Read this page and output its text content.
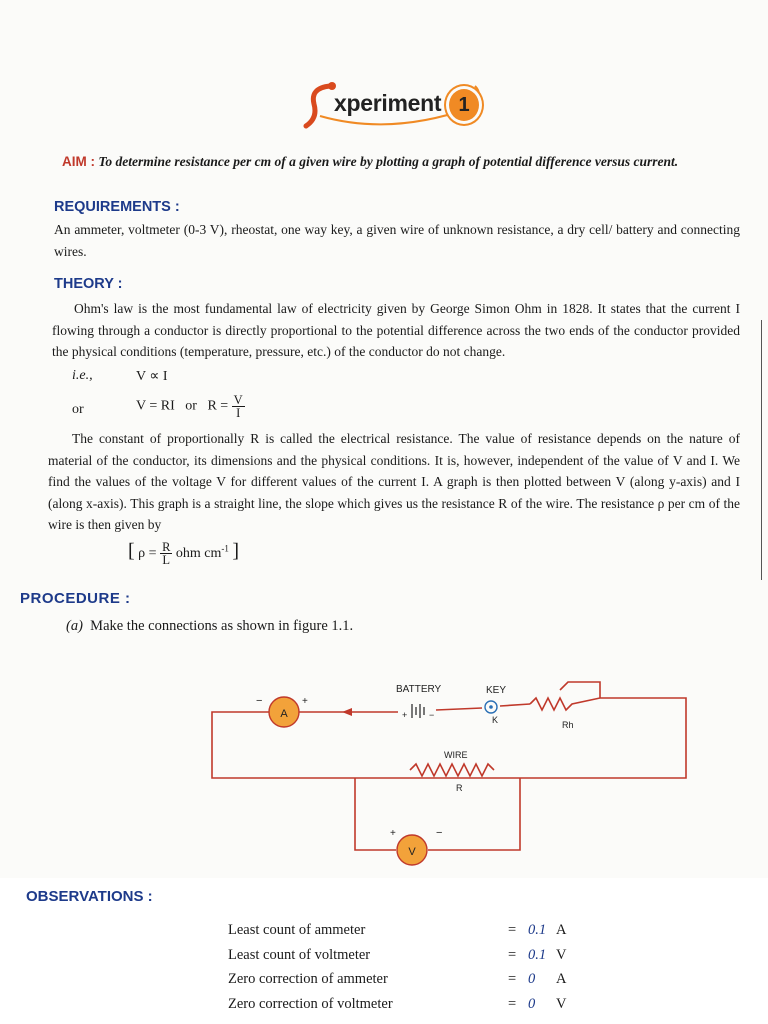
xperiment 1
AIM : To determine resistance per cm of a given wire by plotting a graph of potential difference versus current.
REQUIREMENTS :
An ammeter, voltmeter (0-3 V), rheostat, one way key, a given wire of unknown resistance, a dry cell/ battery and connecting wires.
THEORY :
Ohm's law is the most fundamental law of electricity given by George Simon Ohm in 1828. It states that the current I flowing through a conductor is directly proportional to the potential difference across the two ends of the conductor provided the physical conditions (temperature, pressure, etc.) of the conductor do not change.
i.e.,	V ∝ I
or	V = RI or $R = \frac{V}{I}$
The constant of proportionally R is called the electrical resistance. The value of resistance depends on the nature of material of the conductor, its dimensions and the physical conditions. It is, however, independent of the value of V and I. We find the values of the voltage V for different values of the current I. A graph is then plotted between V (along y-axis) and I (along x-axis). This graph is a straight line, the slope which gives us the resistance R of the wire. The resistance ρ per cm of the wire is then given by
[ $\rho = \frac{R}{L}$ ohm $cm^{-1}$ ]
PROCEDURE :
(a) Make the connections as shown in figure 1.1.
A
−	+
BATTERY
+ −
KEY
K	Rh
WIRE
R
V
+	−
OBSERVATIONS :
Least count of ammeter	= 0.1 A
Least count of voltmeter	= 0.1 V
Zero correction of ammeter	= 0	A
Zero correction of voltmeter	= 0	V
